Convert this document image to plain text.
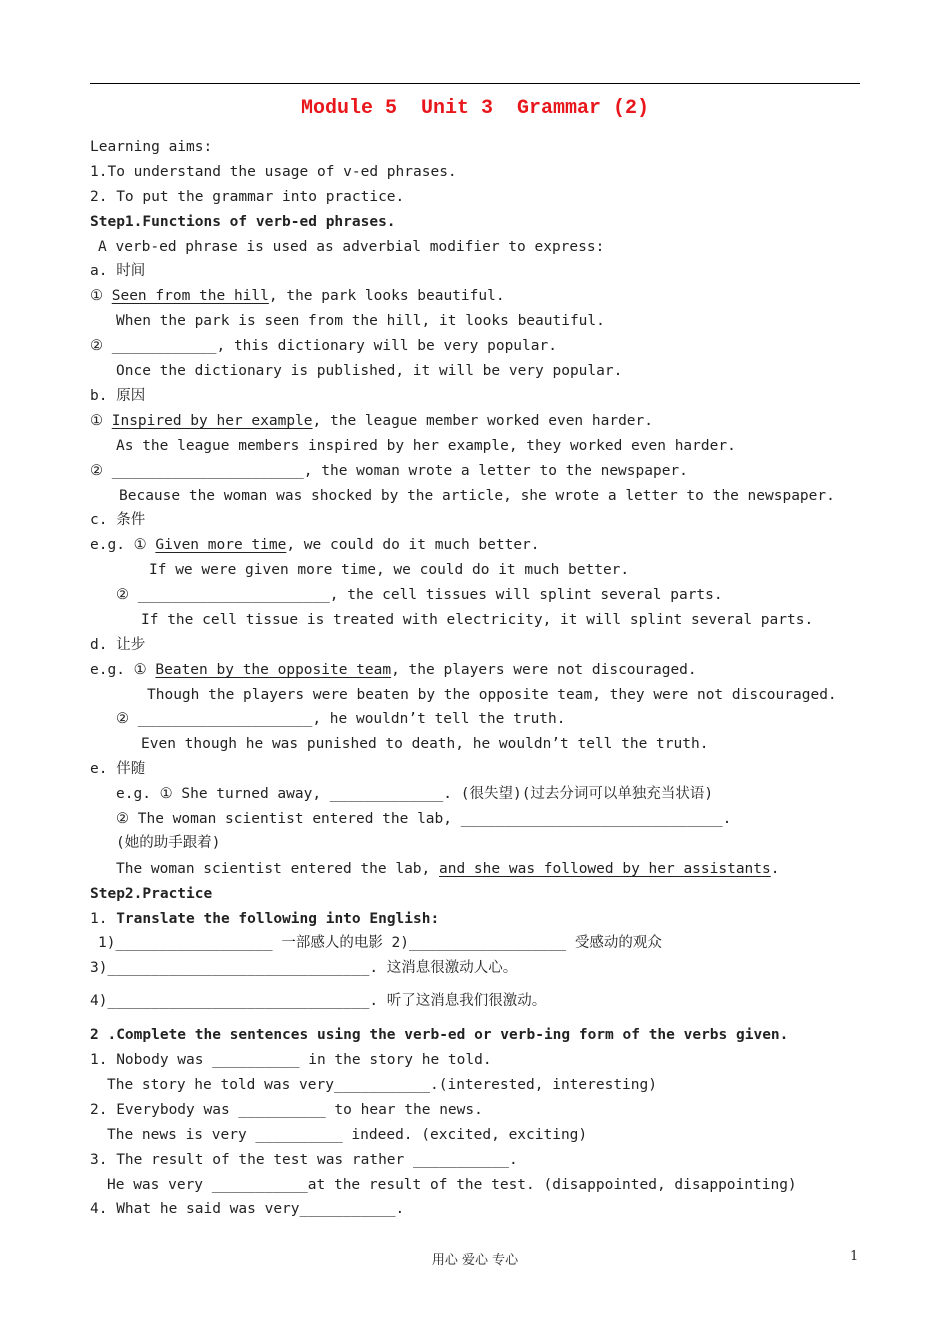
Module 5  Unit 3  Grammar (2)
Learning aims:
1.To understand the usage of v-ed phrases.
2. To put the grammar into practice.
Step1.Functions of verb-ed phrases.
A verb-ed phrase is used as adverbial modifier to express:
a. 时间
① Seen from the hill, the park looks beautiful.
When the park is seen from the hill, it looks beautiful.
② ____________, this dictionary will be very popular.
Once the dictionary is published, it will be very popular.
b. 原因
① Inspired by her example, the league member worked even harder.
As the league members inspired by her example, they worked even harder.
② ______________________, the woman wrote a letter to the newspaper.
Because the woman was shocked by the article, she wrote a letter to the newspaper.
c. 条件
e.g. ① Given more time, we could do it much better.
If we were given more time, we could do it much better.
② ______________________, the cell tissues will splint several parts.
If the cell tissue is treated with electricity, it will splint several parts.
d. 让步
e.g. ① Beaten by the opposite team, the players were not discouraged.
Though the players were beaten by the opposite team, they were not discouraged.
② ____________________, he wouldn’t tell the truth.
Even though he was punished to death, he wouldn’t tell the truth.
e. 伴随
e.g. ① She turned away, _____________. (很失望)(过去分词可以单独充当状语)
② The woman scientist entered the lab, ______________________________.
(她的助手跟着)
The woman scientist entered the lab, and she was followed by her assistants.
Step2.Practice
1. Translate the following into English:
1)__________________ 一部感人的电影 2)__________________ 受感动的观众
3)______________________________. 这消息很激动人心。
4)______________________________. 听了这消息我们很激动。
2 .Complete the sentences using the verb-ed or verb-ing form of the verbs given.
1. Nobody was __________ in the story he told.
The story he told was very___________.(interested, interesting)
2. Everybody was __________ to hear the news.
The news is very __________ indeed. (excited, exciting)
3. The result of the test was rather ___________.
He was very ___________at the result of the test. (disappointed, disappointing)
4. What he said was very___________.
用心 爱心 专心	1
